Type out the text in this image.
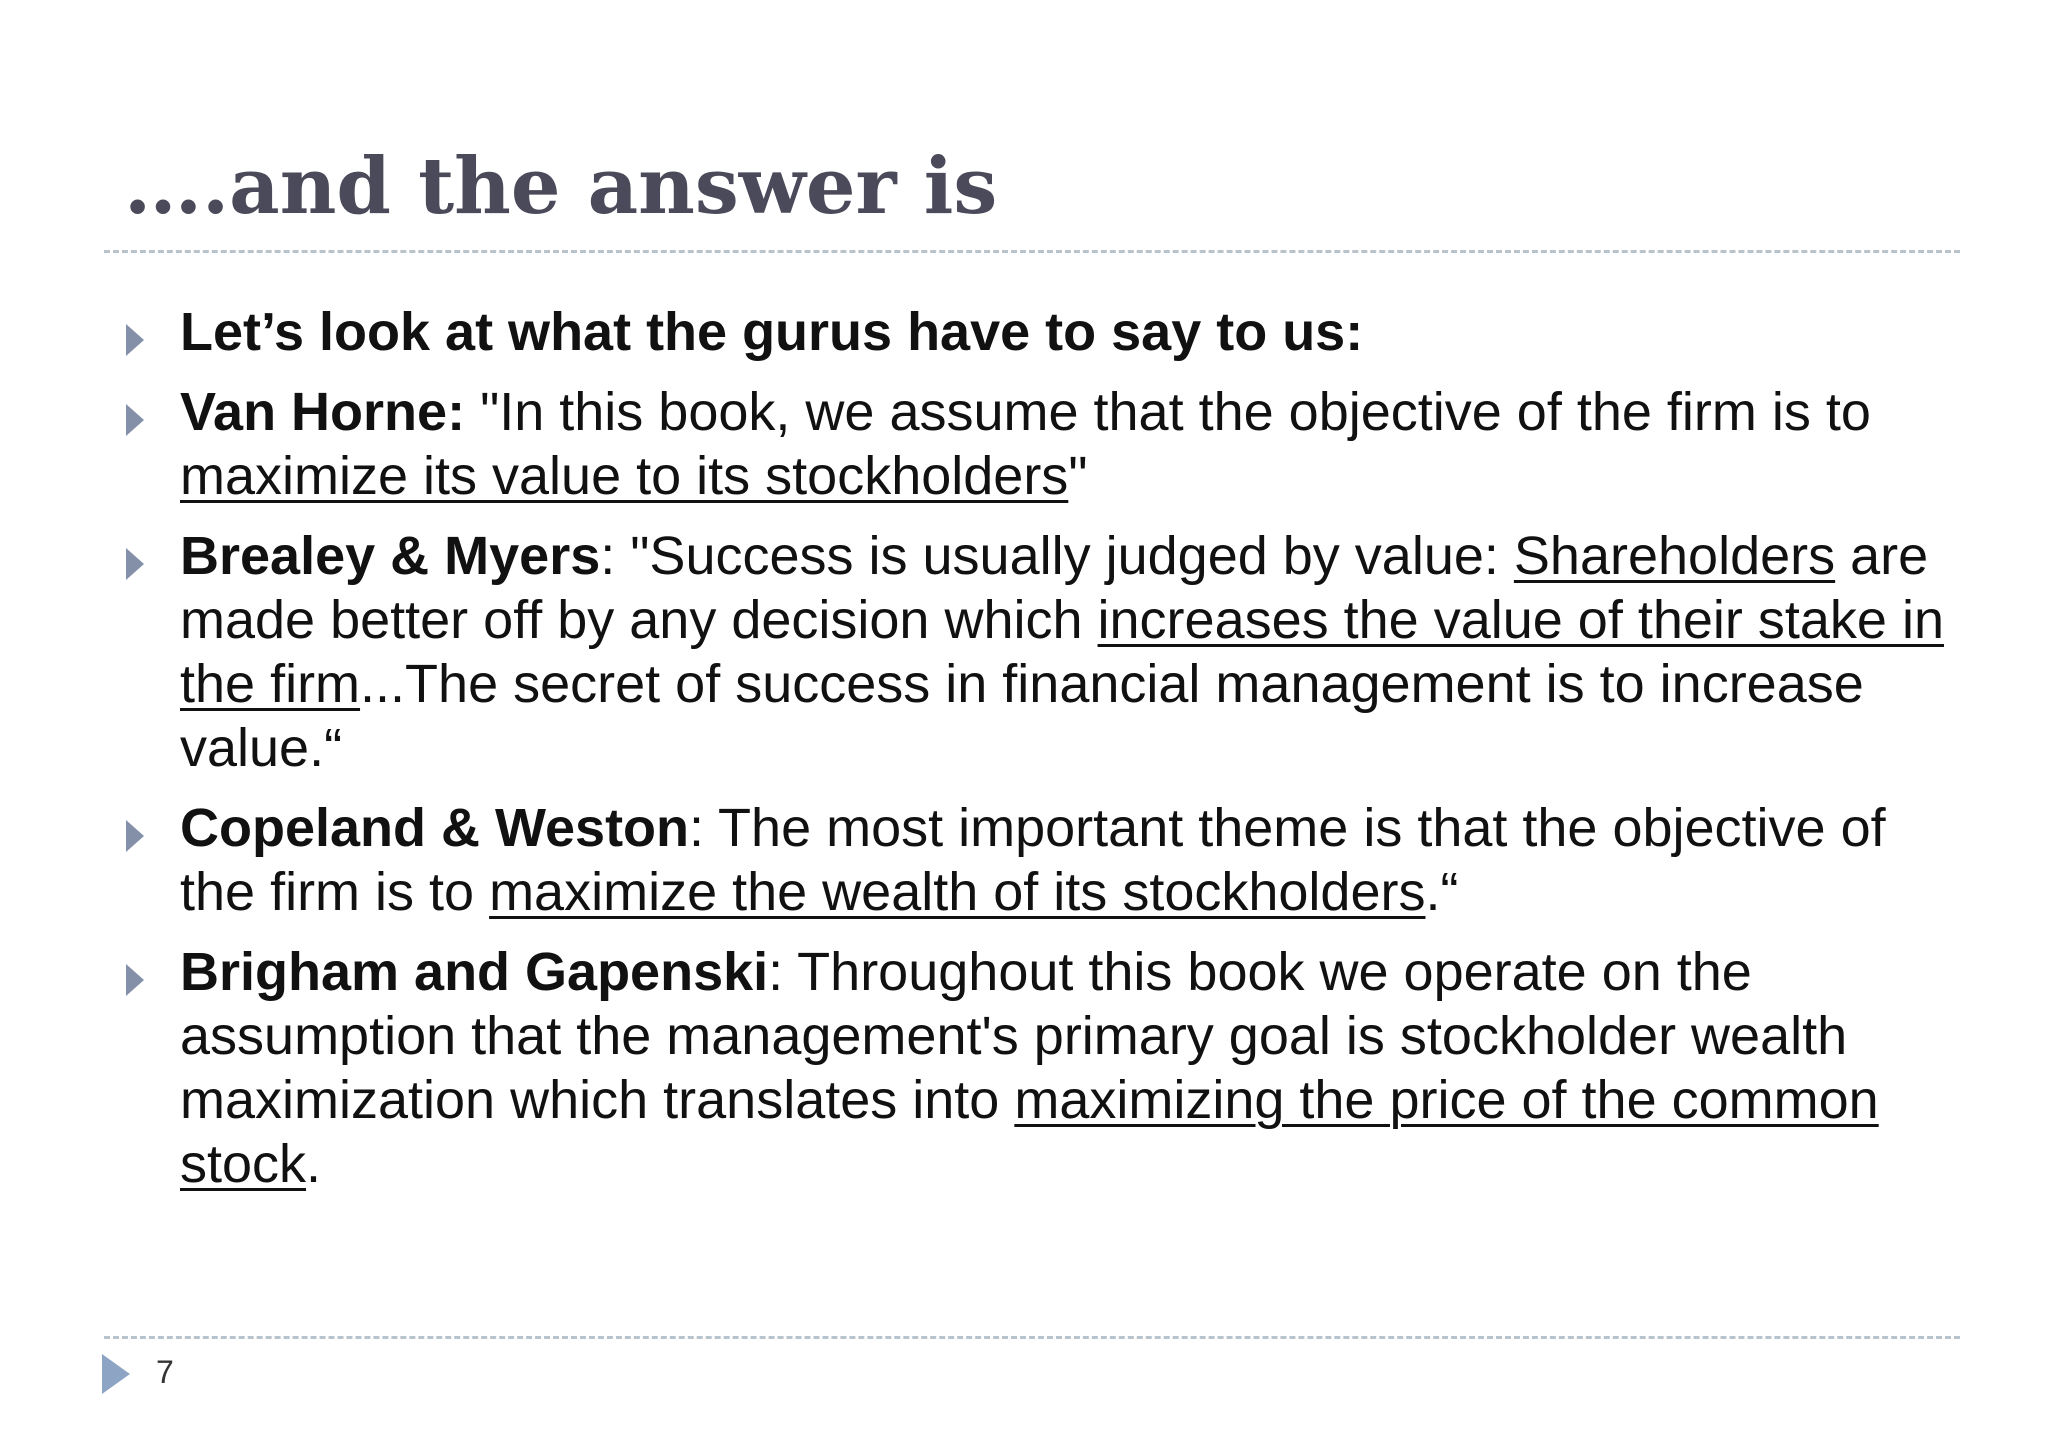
….and the answer is
Let’s look at what the gurus have to say to us:
Van Horne: "In this book, we assume that the objective of the firm is to maximize its value to its stockholders"
Brealey & Myers: "Success is usually judged by value: Shareholders are made better off by any decision which increases the value of their stake in the firm...The secret of success in financial management is to increase value.“
Copeland & Weston: The most important theme is that the objective of the firm is to maximize the wealth of its stockholders.“
Brigham and Gapenski: Throughout this book we operate on the assumption that the management's primary goal is stockholder wealth maximization which translates into maximizing the price of the common stock.
7
